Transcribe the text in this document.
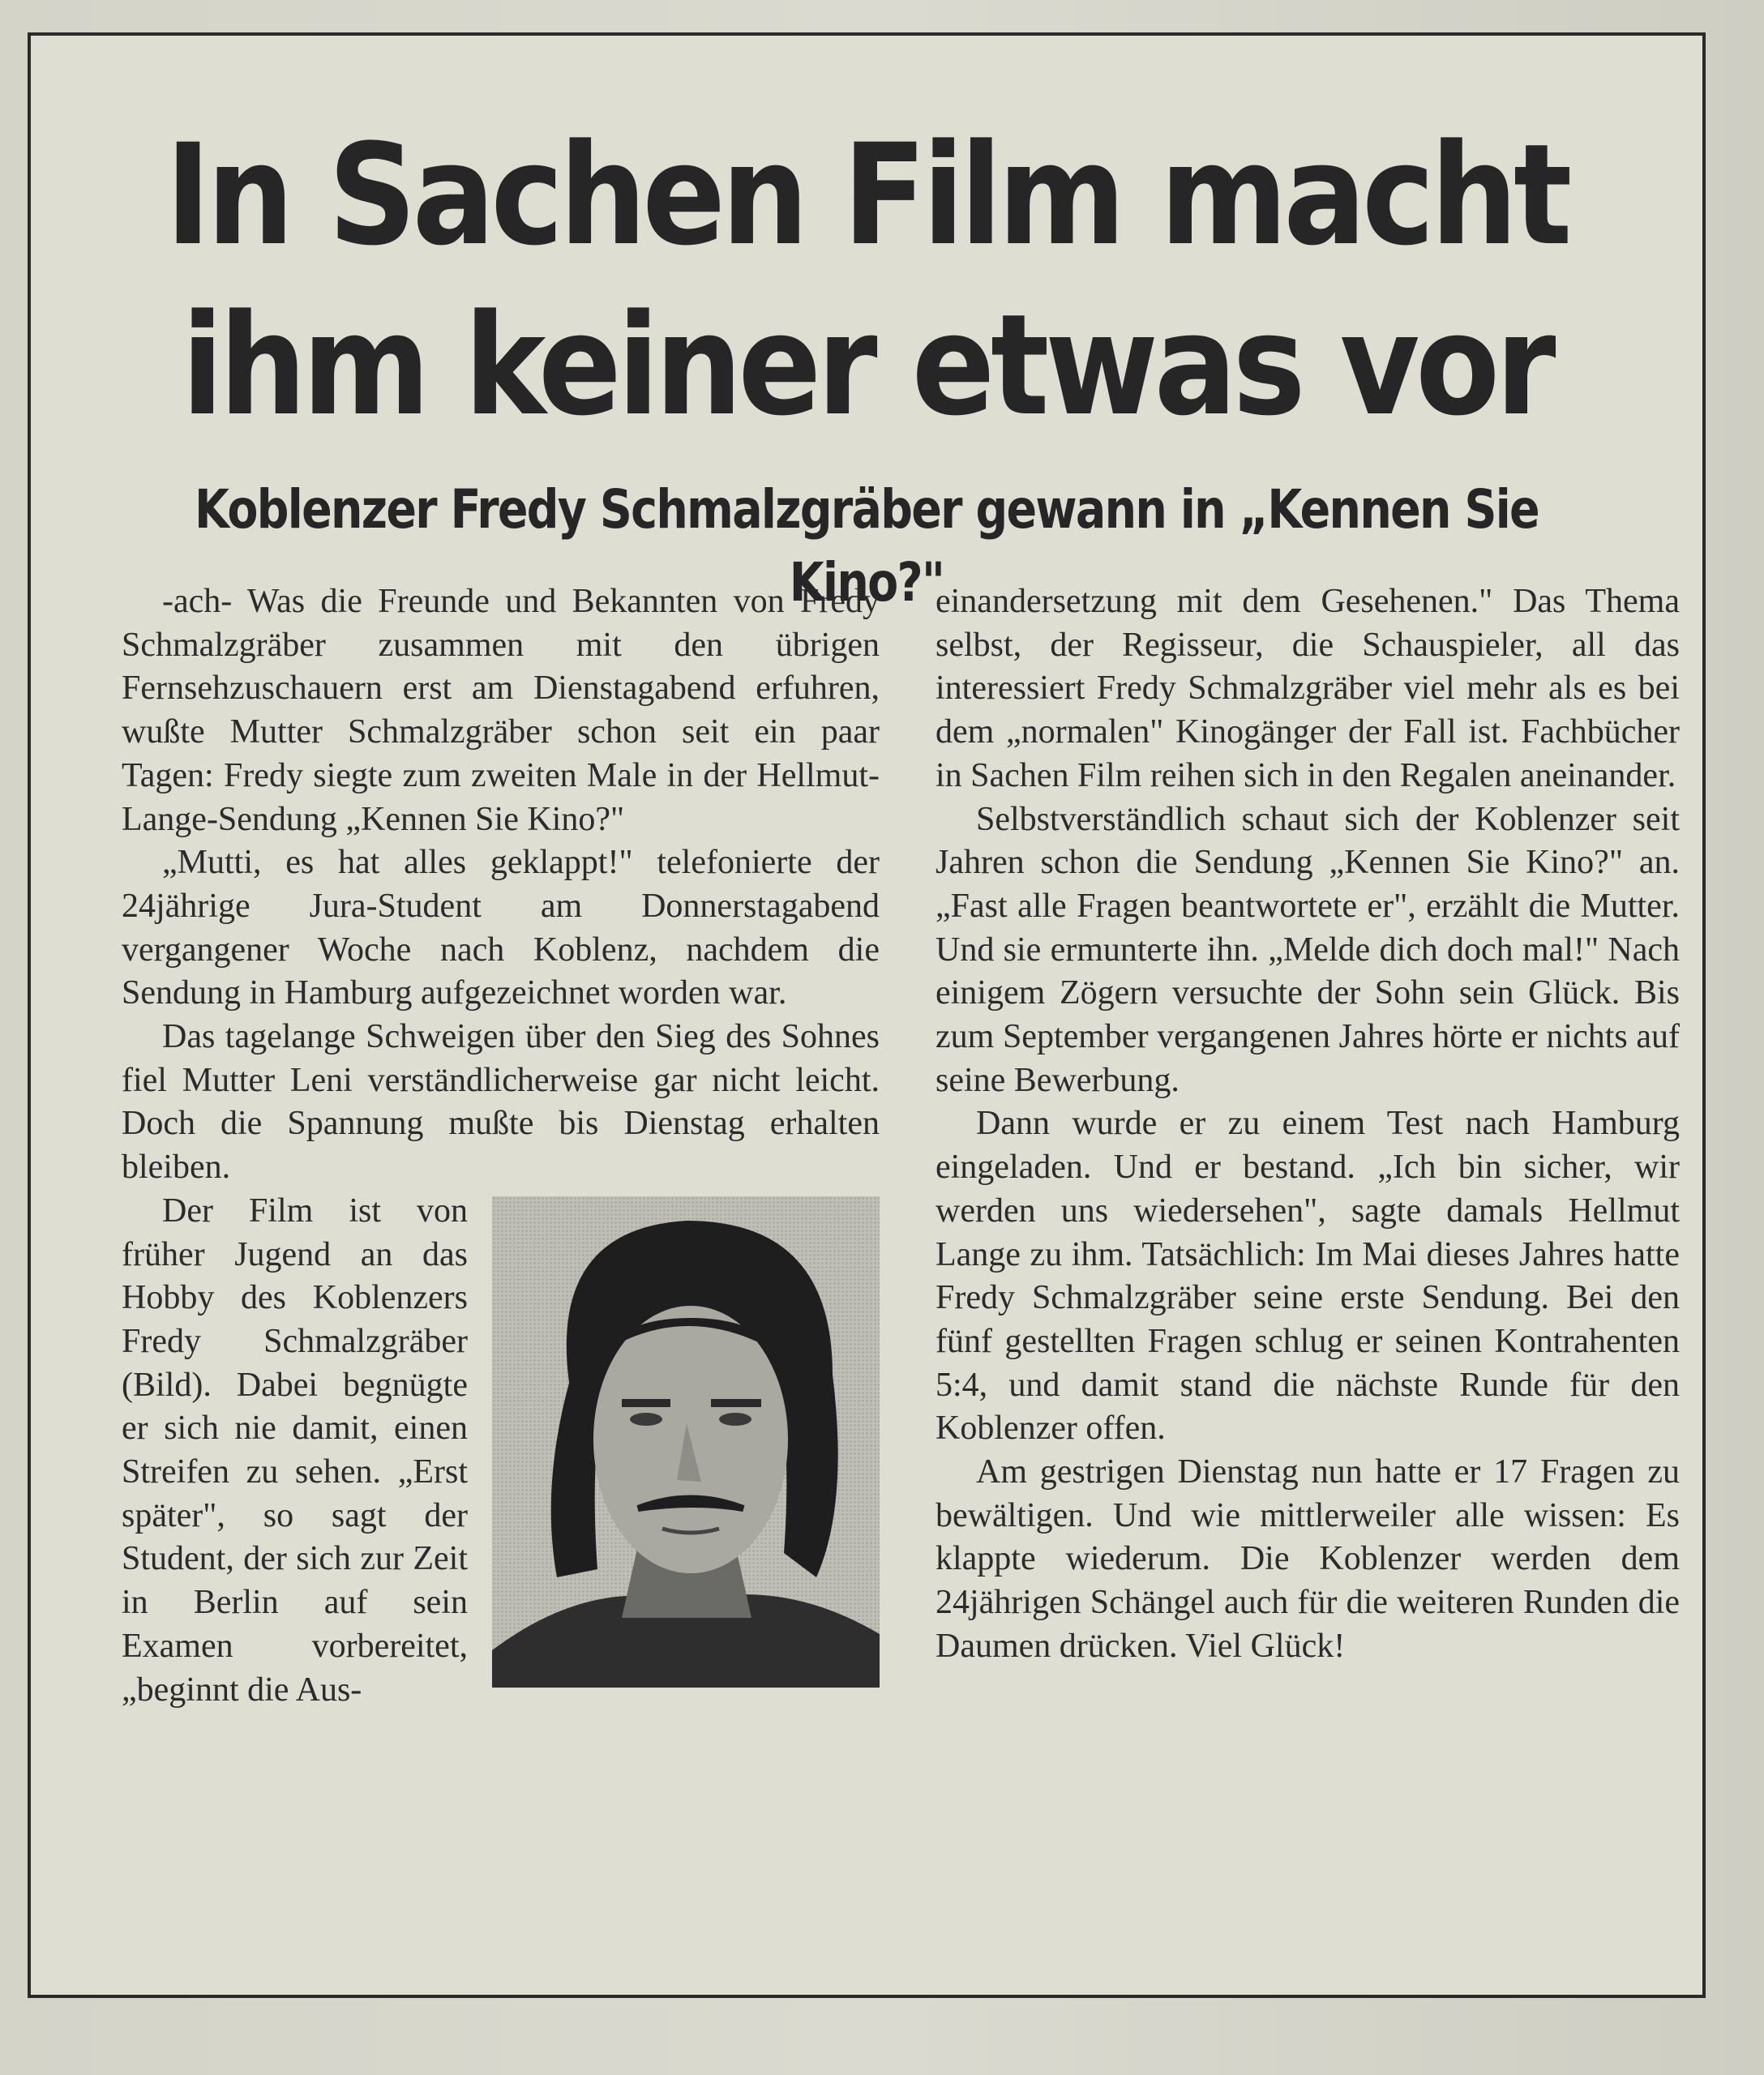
In Sachen Film macht
ihm keiner etwas vor
Koblenzer Fredy Schmalzgräber gewann in „Kennen Sie Kino?"

-ach- Was die Freunde und Bekannten von Fredy Schmalzgräber zusammen mit den übrigen Fernsehzuschauern erst am Dienstagabend erfuhren, wußte Mutter Schmalzgräber schon seit ein paar Tagen: Fredy siegte zum zweiten Male in der Hellmut-Lange-Sendung „Kennen Sie Kino?"

„Mutti, es hat alles geklappt!" telefonierte der 24jährige Jura-Student am Donnerstagabend vergangener Woche nach Koblenz, nachdem die Sendung in Hamburg aufgezeichnet worden war.

Das tagelange Schweigen über den Sieg des Sohnes fiel Mutter Leni verständlicherweise gar nicht leicht. Doch die Spannung mußte bis Dienstag erhalten bleiben.

Der Film ist von früher Jugend an das Hobby des Koblenzers Fredy Schmalzgräber (Bild). Dabei begnügte er sich nie damit, einen Streifen zu sehen. „Erst später", so sagt der Student, der sich zur Zeit in Berlin auf sein Examen vorbereitet, „beginnt die Aus-

einandersetzung mit dem Gesehenen." Das Thema selbst, der Regisseur, die Schauspieler, all das interessiert Fredy Schmalzgräber viel mehr als es bei dem „normalen" Kinogänger der Fall ist. Fachbücher in Sachen Film reihen sich in den Regalen aneinander.

Selbstverständlich schaut sich der Koblenzer seit Jahren schon die Sendung „Kennen Sie Kino?" an. „Fast alle Fragen beantwortete er", erzählt die Mutter. Und sie ermunterte ihn. „Melde dich doch mal!" Nach einigem Zögern versuchte der Sohn sein Glück. Bis zum September vergangenen Jahres hörte er nichts auf seine Bewerbung.

Dann wurde er zu einem Test nach Hamburg eingeladen. Und er bestand. „Ich bin sicher, wir werden uns wiedersehen", sagte damals Hellmut Lange zu ihm. Tatsächlich: Im Mai dieses Jahres hatte Fredy Schmalzgräber seine erste Sendung. Bei den fünf gestellten Fragen schlug er seinen Kontrahenten 5:4, und damit stand die nächste Runde für den Koblenzer offen.

Am gestrigen Dienstag nun hatte er 17 Fragen zu bewältigen. Und wie mittlerweiler alle wissen: Es klappte wiederum. Die Koblenzer werden dem 24jährigen Schängel auch für die weiteren Runden die Daumen drücken. Viel Glück!
